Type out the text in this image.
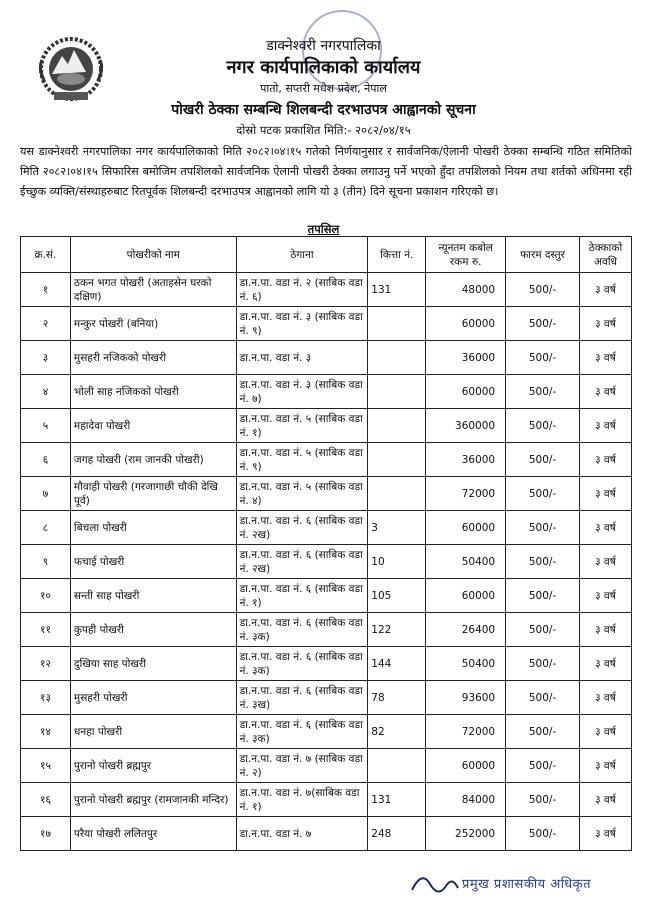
डाक्नेश्वरी नगरपालिका
नगर कार्यपालिकाको कार्यालय
पातो, सप्तरी मधेश प्रदेश, नेपाल
पोखरी ठेक्का सम्बन्धि शिलबन्दी दरभाउपत्र आह्वानको सूचना
दोस्रो पटक प्रकाशित मिति:- २०८२/०४/१५
यस डाक्नेश्वरी नगरपालिका नगर कार्यपालिकाको मिति २०८२।०४।१५ गतेको निर्णयानुसार र सार्वजनिक/ऐलानी पोखरी ठेक्का सम्बन्धि गठित समितिको मिति २०८२।०४।१५ सिफारिस बमोजिम तपशिलको सार्वजनिक ऐलानी पोखरी ठेक्का लगाउनु पर्ने भएको हुँदा तपशिलको नियम तथा शर्तको अधिनमा रही ईच्छुक व्यक्ति/संस्थाहरुबाट रितपूर्वक शिलबन्दी दरभाउपत्र आह्वानको लागि यो ३ (तीन) दिने सूचना प्रकाशन गरिएको छ।
तपसिल
क्र.सं.	पोखरीको नाम	ठेगाना	कित्ता नं.	न्यूनतम कबोल रकम रु.	फारम दस्तुर	ठेक्काको अवधि
१	ठकन भगत पोखरी (अताहसेन घरको दक्षिण)	डा.न.पा. वडा नं. २ (साबिक वडा नं. ६)	131	48000	500/-	३ वर्ष
२	मन्कुर पोखरी (बनिया)	डा.न.पा. वडा नं. ३ (साबिक वडा नं. ९)		60000	500/-	३ वर्ष
३	मुसहरी नजिकको पोखरी	डा.न.पा. वडा नं. ३		36000	500/-	३ वर्ष
४	भोली साह नजिकको पोखरी	डा.न.पा. वडा नं. ३ (साबिक वडा नं. ७)		60000	500/-	३ वर्ष
५	महादेवा पोखरी	डा.न.पा. वडा नं. ५ (साबिक वडा नं. १)		360000	500/-	३ वर्ष
६	जगह पोखरी (राम जानकी पोखरी)	डा.न.पा. वडा नं. ५ (साबिक वडा नं. ९)		36000	500/-	३ वर्ष
७	मौवाही पोखरी (गरजागाछी चौकी देखि पूर्व)	डा.न.पा. वडा नं. ५ (साबिक वडा नं. ४)		72000	500/-	३ वर्ष
८	बिचला पोखरी	डा.न.पा. वडा नं. ६ (साबिक वडा नं. २ख)	3	60000	500/-	३ वर्ष
९	फचाई पोखरी	डा.न.पा. वडा नं. ६ (साबिक वडा नं. २ख)	10	50400	500/-	३ वर्ष
१०	सन्ती साह पोखरी	डा.न.पा. वडा नं. ६ (साबिक वडा नं. १)	105	60000	500/-	३ वर्ष
११	कुपही पोखरी	डा.न.पा. वडा नं. ६ (साबिक वडा नं. ३क)	122	26400	500/-	३ वर्ष
१२	दुखिया साह पोखरी	डा.न.पा. वडा नं. ६ (साबिक वडा नं. ३क)	144	50400	500/-	३ वर्ष
१३	मुसहरी पोखरी	डा.न.पा. वडा नं. ६ (साबिक वडा नं. ३ख)	78	93600	500/-	३ वर्ष
१४	धनहा पोखरी	डा.न.पा. वडा नं. ६ (साबिक वडा नं. ३क)	82	72000	500/-	३ वर्ष
१५	पुरानो पोखरी ब्रह्मपुर	डा.न.पा. वडा नं. ७ (साबिक वडा नं. २)		60000	500/-	३ वर्ष
१६	पुरानो पोखरी ब्रह्मपुर (रामजानकी मन्दिर)	डा.न.पा. वडा नं. ७(साबिक वडा नं. १)	131	84000	500/-	३ वर्ष
१७	परैया पोखरी ललितपुर	डा.न.पा. वडा नं. ७	248	252000	500/-	३ वर्ष
प्रमुख प्रशासकीय अधिकृत
